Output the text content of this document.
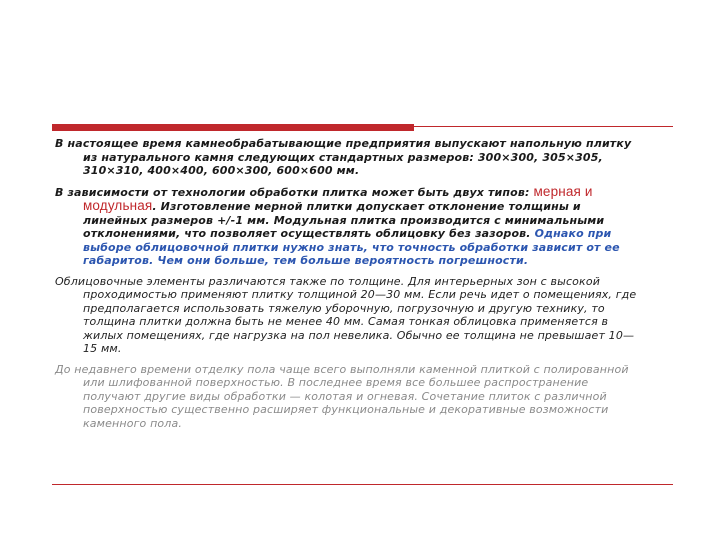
В настоящее время камнеобрабатывающие предприятия выпускают напольную плитку из натурального камня следующих стандартных размеров: 300×300, 305×305, 310×310, 400×400, 600×300, 600×600 мм.

В зависимости от технологии обработки плитка может быть двух типов: мерная и модульная. Изготовление мерной плитки допускает отклонение толщины и линейных размеров +/-1 мм. Модульная плитка производится с минимальными отклонениями, что позволяет осуществлять облицовку без зазоров. Однако при выборе облицовочной плитки нужно знать, что точность обработки зависит от ее габаритов. Чем они больше, тем больше вероятность погрешности.

Облицовочные элементы различаются также по толщине. Для интерьерных зон с высокой проходимостью применяют плитку толщиной 20—30 мм. Если речь идет о помещениях, где предполагается использовать тяжелую уборочную, погрузочную и другую технику, то толщина плитки должна быть не менее 40 мм. Самая тонкая облицовка применяется в жилых помещениях, где нагрузка на пол невелика. Обычно ее толщина не превышает 10—15 мм.

До недавнего времени отделку пола чаще всего выполняли каменной плиткой с полированной или шлифованной поверхностью. В последнее время все большее распространение получают другие виды обработки — колотая и огневая. Сочетание плиток с различной поверхностью существенно расширяет функциональные и декоративные возможности каменного пола.
